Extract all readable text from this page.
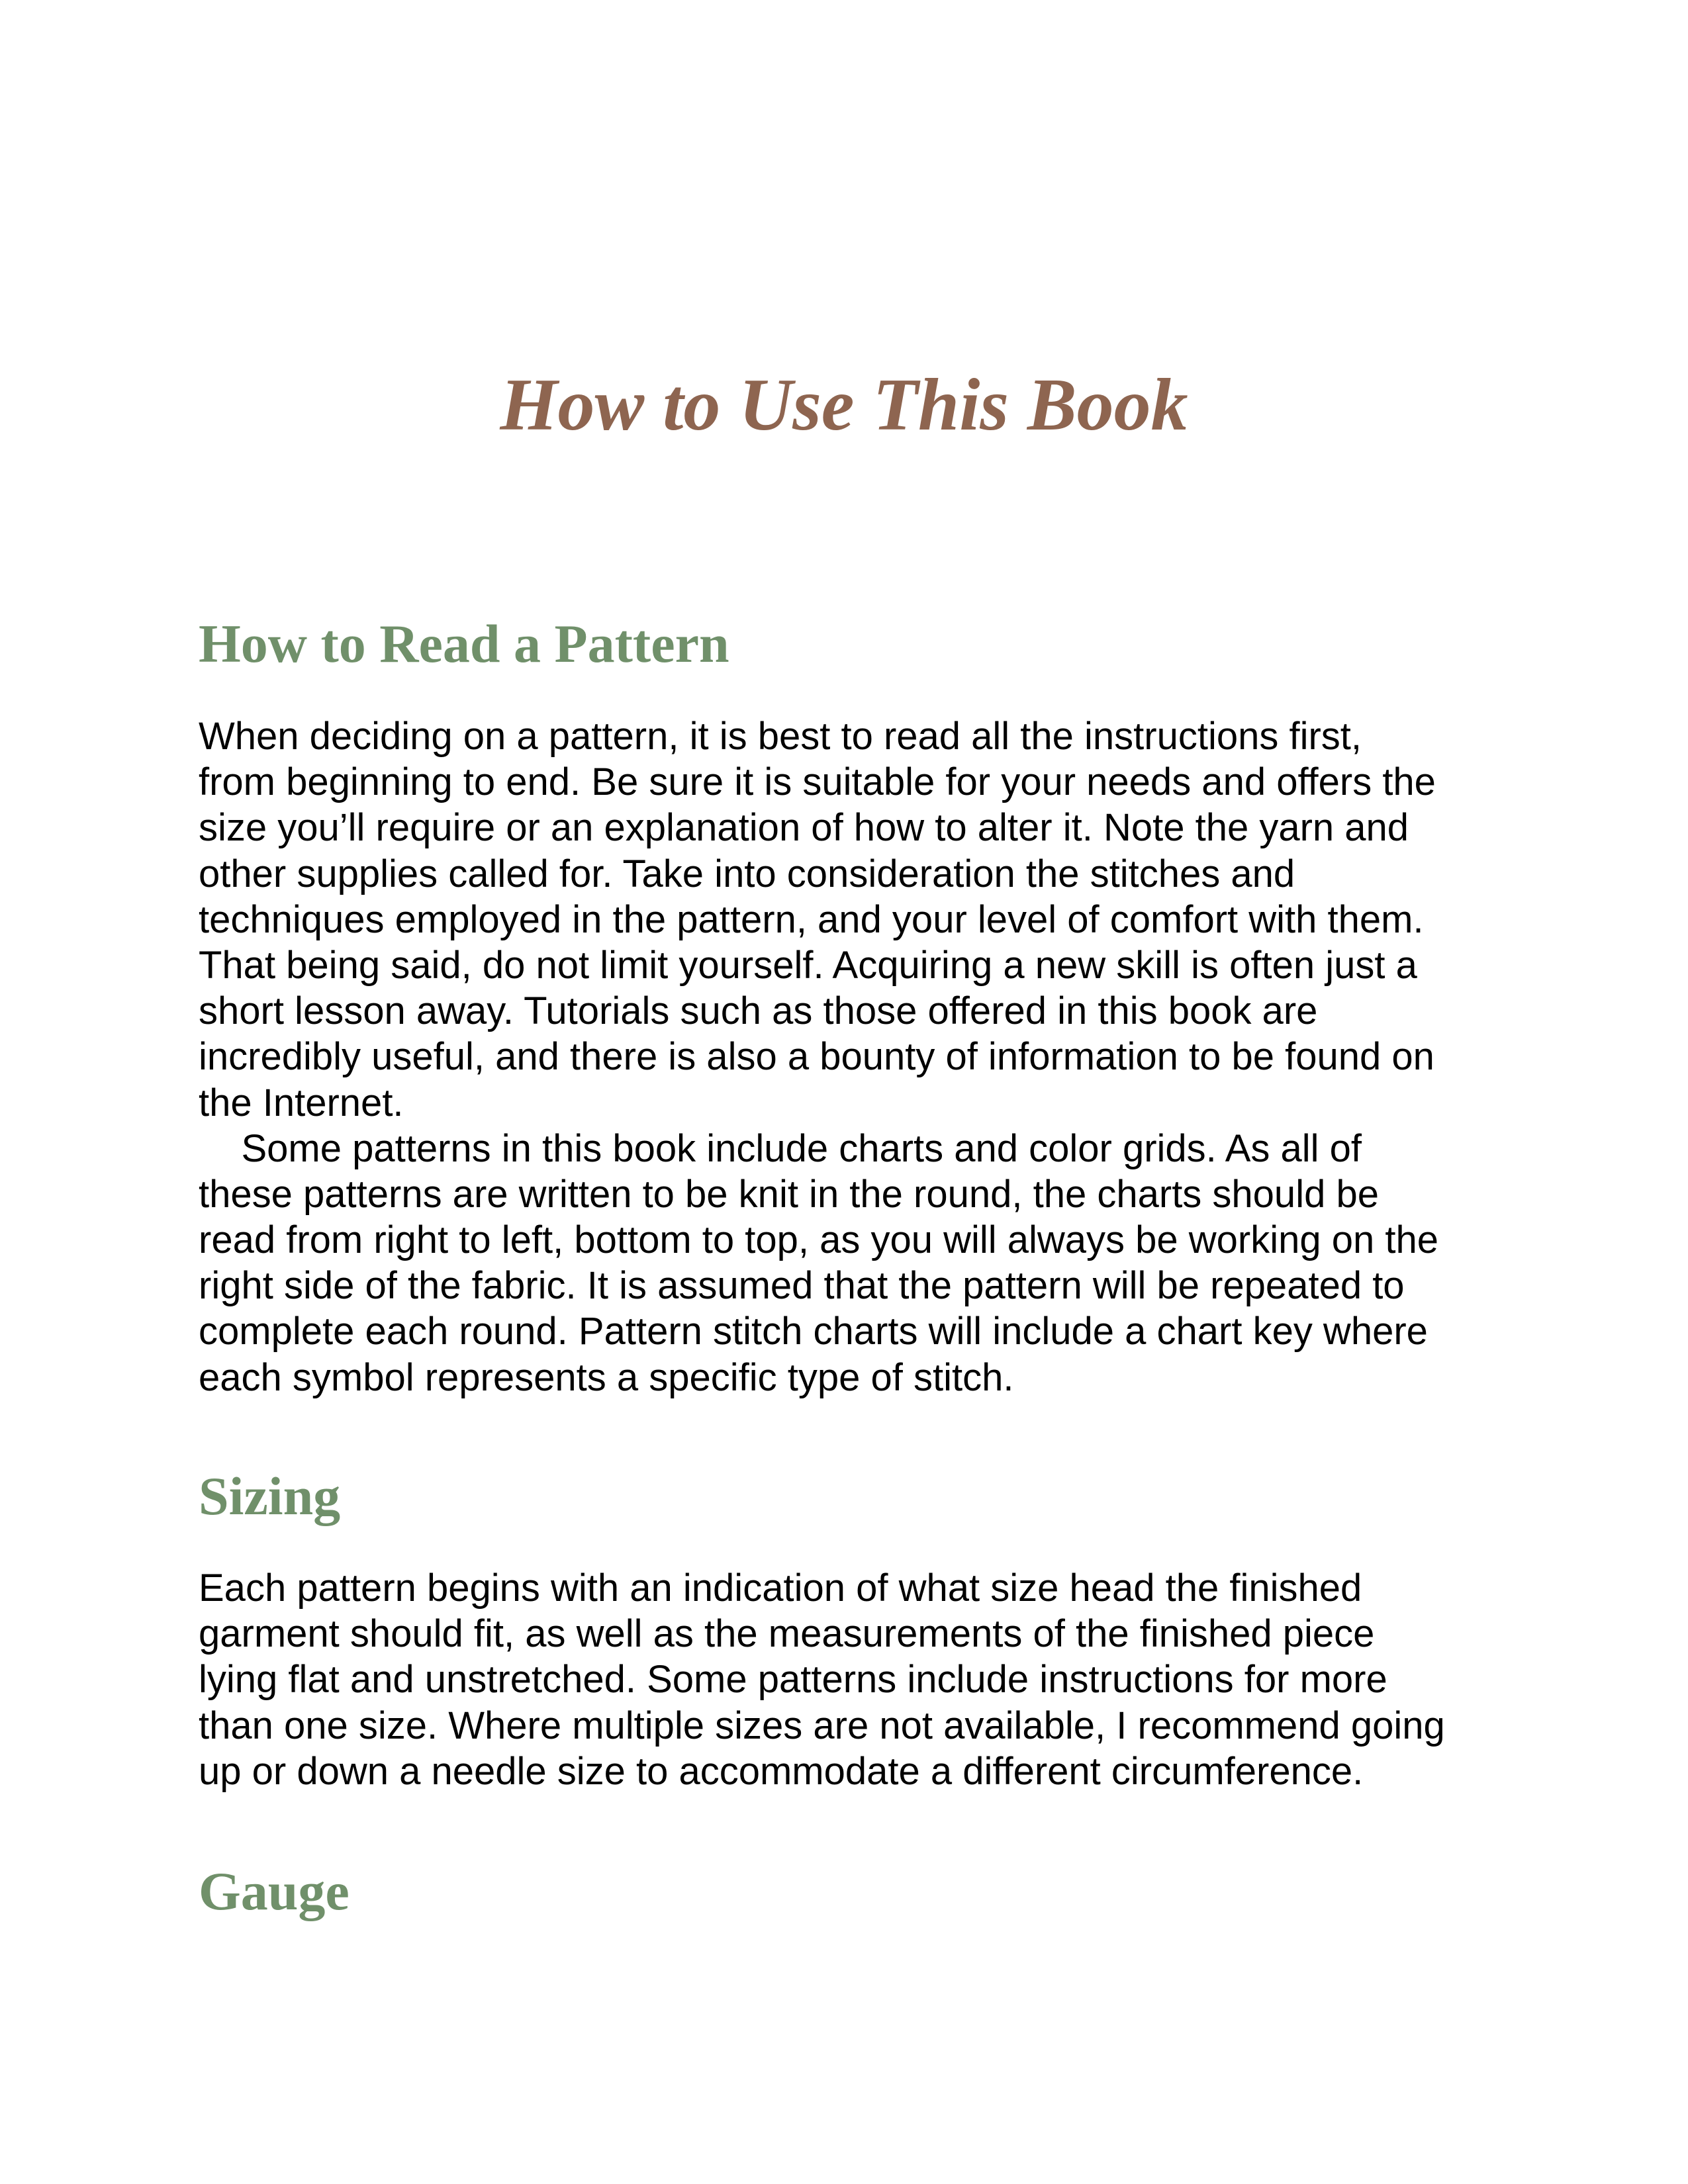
How to Use This Book
How to Read a Pattern
When deciding on a pattern, it is best to read all the instructions first,
from beginning to end. Be sure it is suitable for your needs and offers the
size you’ll require or an explanation of how to alter it. Note the yarn and
other supplies called for. Take into consideration the stitches and
techniques employed in the pattern, and your level of comfort with them.
That being said, do not limit yourself. Acquiring a new skill is often just a
short lesson away. Tutorials such as those offered in this book are
incredibly useful, and there is also a bounty of information to be found on
the Internet.
Some patterns in this book include charts and color grids. As all of
these patterns are written to be knit in the round, the charts should be
read from right to left, bottom to top, as you will always be working on the
right side of the fabric. It is assumed that the pattern will be repeated to
complete each round. Pattern stitch charts will include a chart key where
each symbol represents a specific type of stitch.
Sizing
Each pattern begins with an indication of what size head the finished
garment should fit, as well as the measurements of the finished piece
lying flat and unstretched. Some patterns include instructions for more
than one size. Where multiple sizes are not available, I recommend going
up or down a needle size to accommodate a different circumference.
Gauge
